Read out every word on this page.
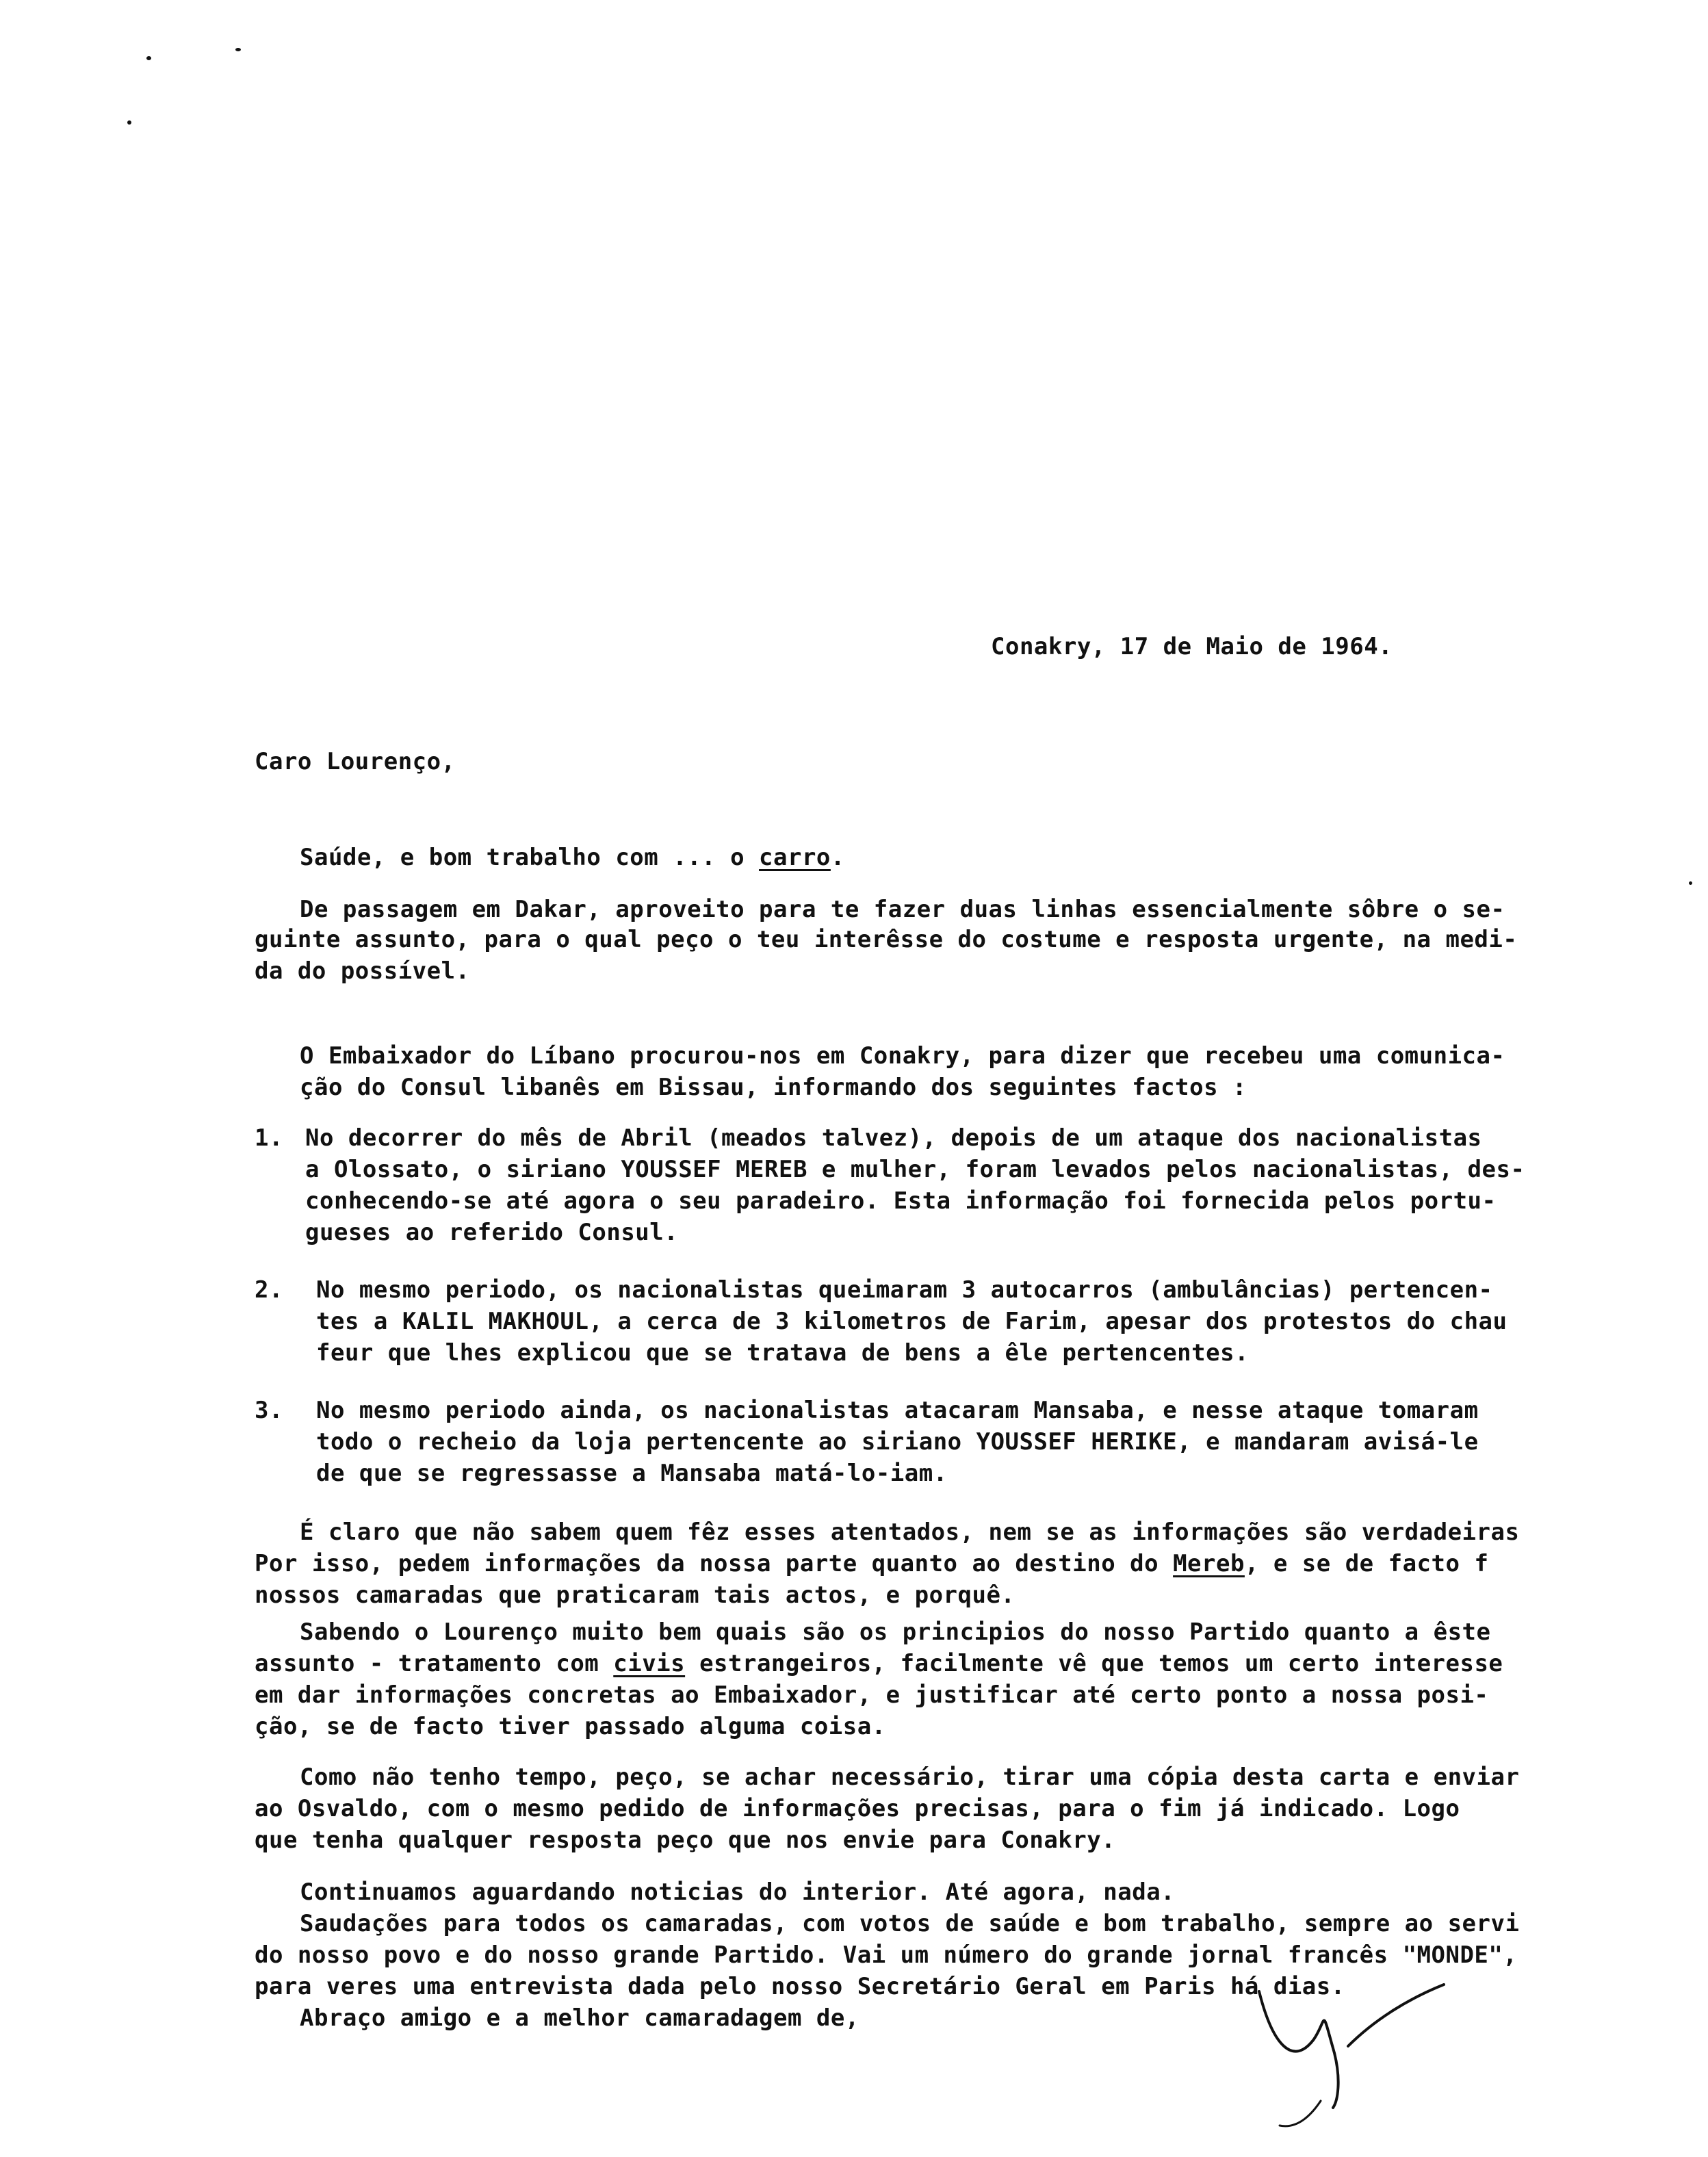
Conakry, 17 de Maio de 1964.
Caro Lourenço,
Saúde, e bom trabalho com ... o carro.
De passagem em Dakar, aproveito para te fazer duas linhas essencialmente sôbre o se-
guinte assunto, para o qual peço o teu interêsse do costume e resposta urgente, na medi-
da do possível.
O Embaixador do Líbano procurou-nos em Conakry, para dizer que recebeu uma comunica-
ção do Consul libanês em Bissau, informando dos seguintes factos :
1. No decorrer do mês de Abril (meados talvez), depois de um ataque dos nacionalistas
a Olossato, o siriano YOUSSEF MEREB e mulher, foram levados pelos nacionalistas, des-
conhecendo-se até agora o seu paradeiro. Esta informação foi fornecida pelos portu-
gueses ao referido Consul.
2. No mesmo periodo, os nacionalistas queimaram 3 autocarros (ambulâncias) pertencen-
tes a KALIL MAKHOUL, a cerca de 3 kilometros de Farim, apesar dos protestos do chau
feur que lhes explicou que se tratava de bens a êle pertencentes.
3. No mesmo periodo ainda, os nacionalistas atacaram Mansaba, e nesse ataque tomaram
todo o recheio da loja pertencente ao siriano YOUSSEF HERIKE, e mandaram avisá-le
de que se regressasse a Mansaba matá-lo-iam.
É claro que não sabem quem fêz esses atentados, nem se as informações são verdadeiras
Por isso, pedem informações da nossa parte quanto ao destino do Mereb, e se de facto f
nossos camaradas que praticaram tais actos, e porquê.
Sabendo o Lourenço muito bem quais são os principios do nosso Partido quanto a êste
assunto - tratamento com civis estrangeiros, facilmente vê que temos um certo interesse
em dar informações concretas ao Embaixador, e justificar até certo ponto a nossa posi-
ção, se de facto tiver passado alguma coisa.
Como não tenho tempo, peço, se achar necessário, tirar uma cópia desta carta e enviar
ao Osvaldo, com o mesmo pedido de informações precisas, para o fim já indicado. Logo
que tenha qualquer resposta peço que nos envie para Conakry.
Continuamos aguardando noticias do interior. Até agora, nada.
Saudações para todos os camaradas, com votos de saúde e bom trabalho, sempre ao servi
do nosso povo e do nosso grande Partido. Vai um número do grande jornal francês "MONDE",
para veres uma entrevista dada pelo nosso Secretário Geral em Paris há dias.
Abraço amigo e a melhor camaradagem de,
